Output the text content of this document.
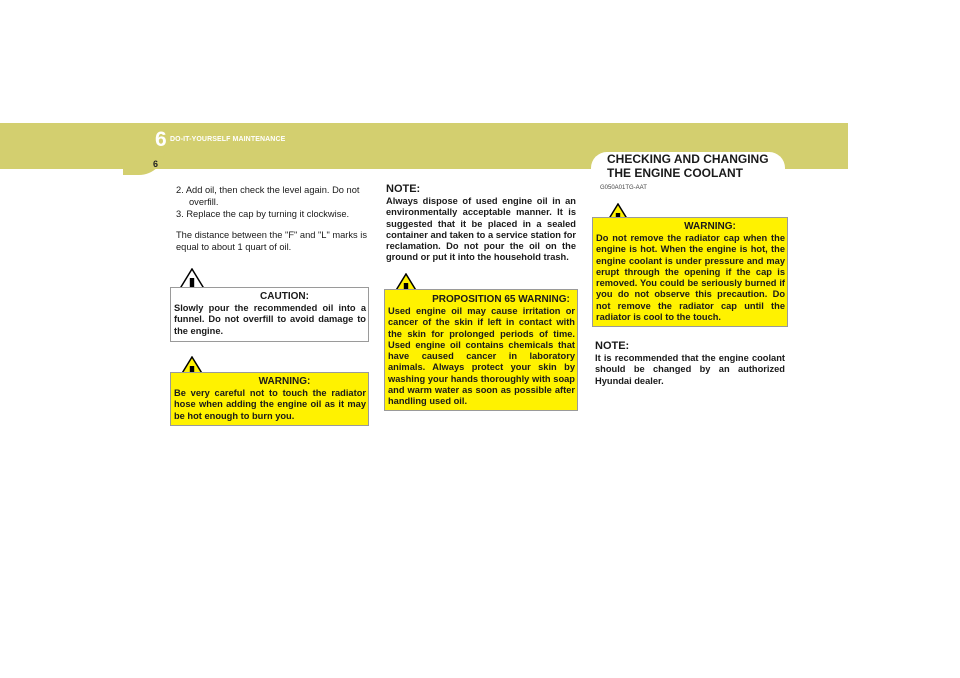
6 DO-IT-YOURSELF MAINTENANCE
6	CHECKING AND CHANGING THE ENGINE COOLANT
G050A01TG-AAT
2. Add oil, then check the level again. Do not overfill.
3. Replace the cap by turning it clockwise.
The distance between the "F" and "L" marks is equal to about 1 quart of oil.
CAUTION:
Slowly pour the recommended oil into a funnel. Do not overfill to avoid damage to the engine.
WARNING:
Be very careful not to touch the radiator hose when adding the engine oil as it may be hot enough to burn you.
NOTE:
Always dispose of used engine oil in an environmentally acceptable manner. It is suggested that it be placed in a sealed container and taken to a service station for reclamation. Do not pour the oil on the ground or put it into the household trash.
PROPOSITION 65 WARNING:
Used engine oil may cause irritation or cancer of the skin if left in contact with the skin for prolonged periods of time. Used engine oil contains chemicals that have caused cancer in laboratory animals. Always protect your skin by washing your hands thoroughly with soap and warm water as soon as possible after handling used oil.
WARNING:
Do not remove the radiator cap when the engine is hot. When the engine is hot, the engine coolant is under pressure and may erupt through the opening if the cap is removed. You could be seriously burned if you do not observe this precaution. Do not remove the radiator cap until the radiator is cool to the touch.
NOTE:
It is recommended that the engine coolant should be changed by an authorized Hyundai dealer.
